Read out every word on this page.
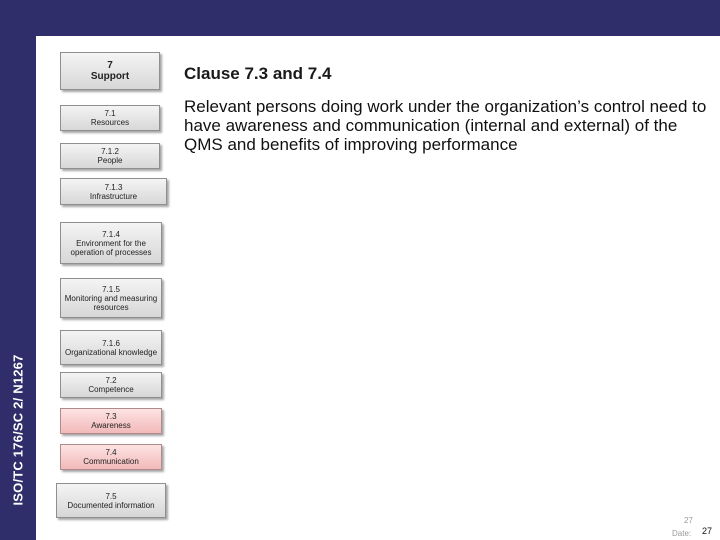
ISO/TC 176/SC 2/ N1267
7
Support
7.1
Resources
7.1.2
People
7.1.3
Infrastructure
7.1.4
Environment for the operation of processes
7.1.5
Monitoring and measuring resources
7.1.6
Organizational knowledge
7.2
Competence
7.3
Awareness
7.4
Communication
7.5
Documented information
Clause 7.3 and 7.4
Relevant persons doing work under the organization’s control need to have awareness and communication (internal and external) of the QMS and benefits of improving performance
27
Date: 27
